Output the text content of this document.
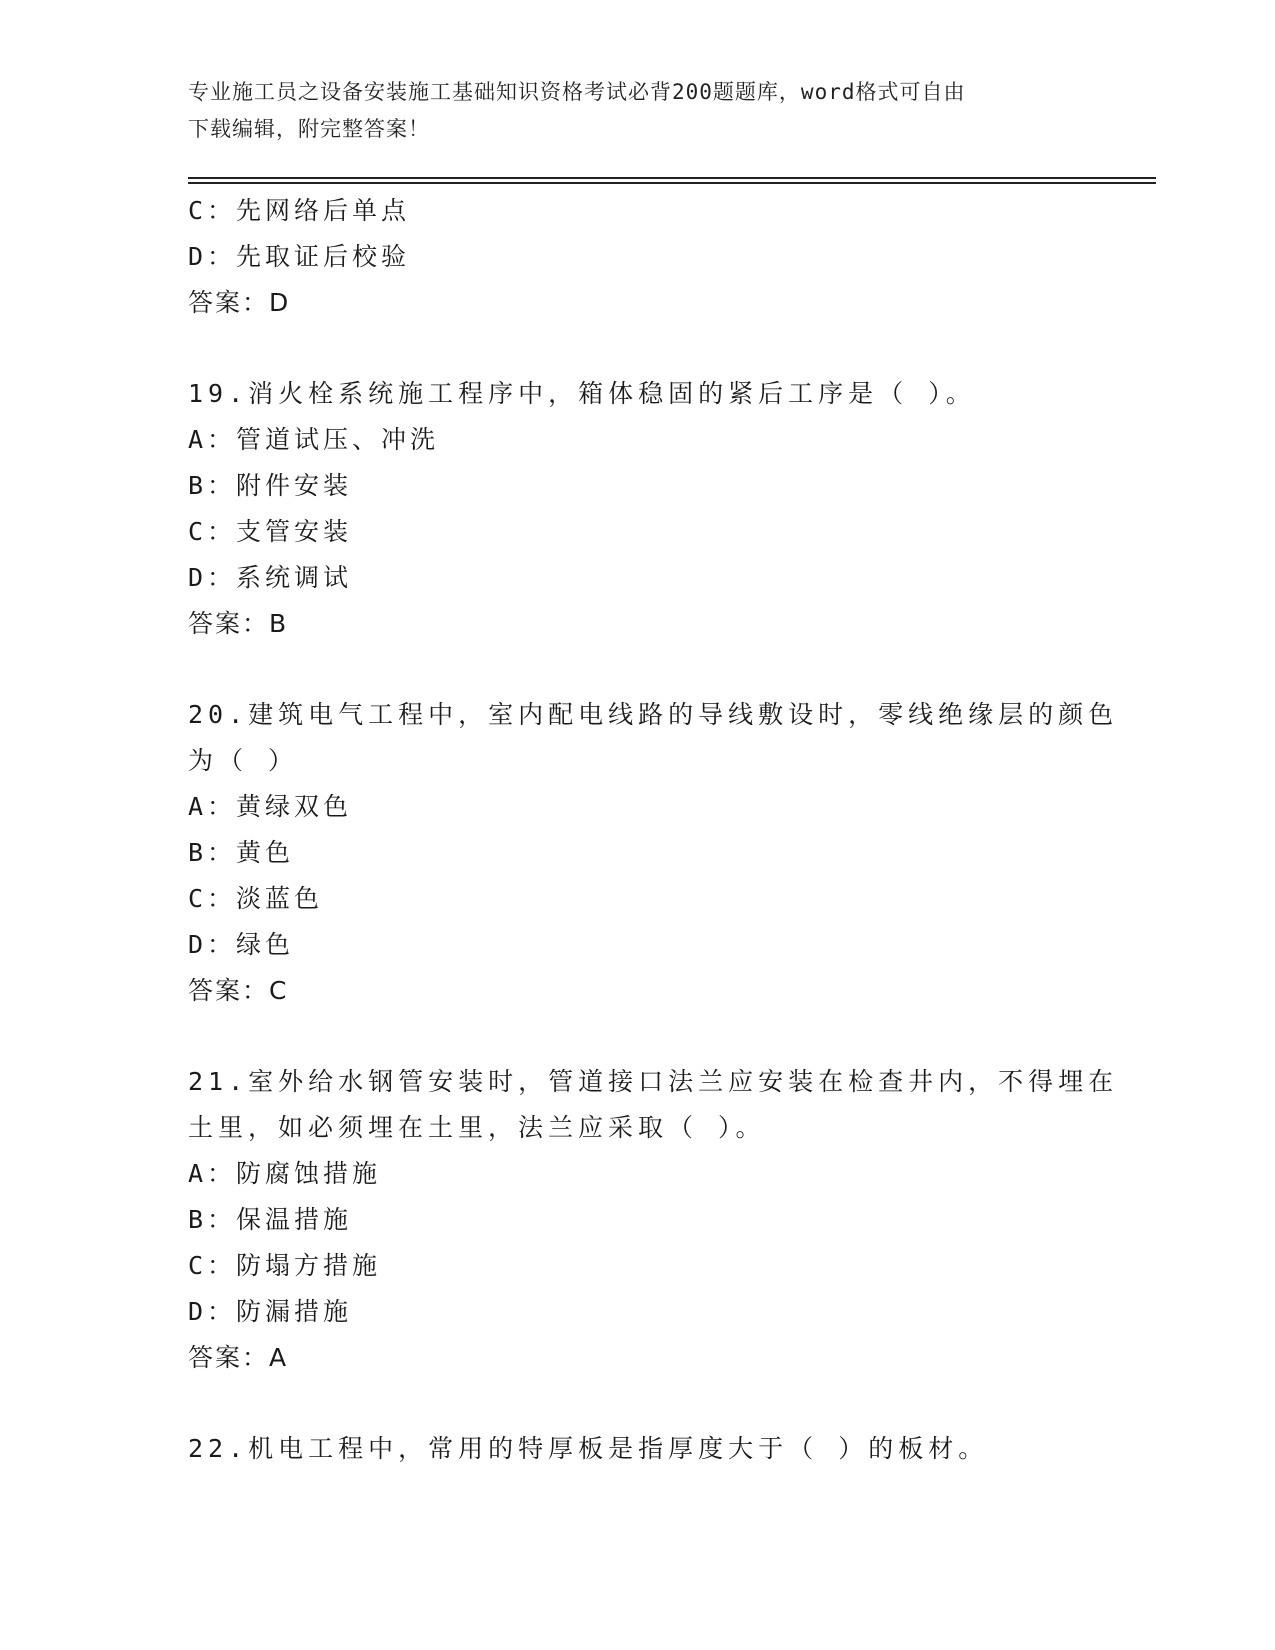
专业施工员之设备安装施工基础知识资格考试必背200题题库，word格式可自由
下载编辑，附完整答案！
C：先网络后单点
D：先取证后校验
答案：D
19.消火栓系统施工程序中，箱体稳固的紧后工序是（ ）。
A：管道试压、冲洗
B：附件安装
C：支管安装
D：系统调试
答案：B
20.建筑电气工程中，室内配电线路的导线敷设时，零线绝缘层的颜色
为（ ）
A：黄绿双色
B：黄色
C：淡蓝色
D：绿色
答案：C
21.室外给水钢管安装时，管道接口法兰应安装在检查井内，不得埋在
土里，如必须埋在土里，法兰应采取（ ）。
A：防腐蚀措施
B：保温措施
C：防塌方措施
D：防漏措施
答案：A
22.机电工程中，常用的特厚板是指厚度大于（ ）的板材。
